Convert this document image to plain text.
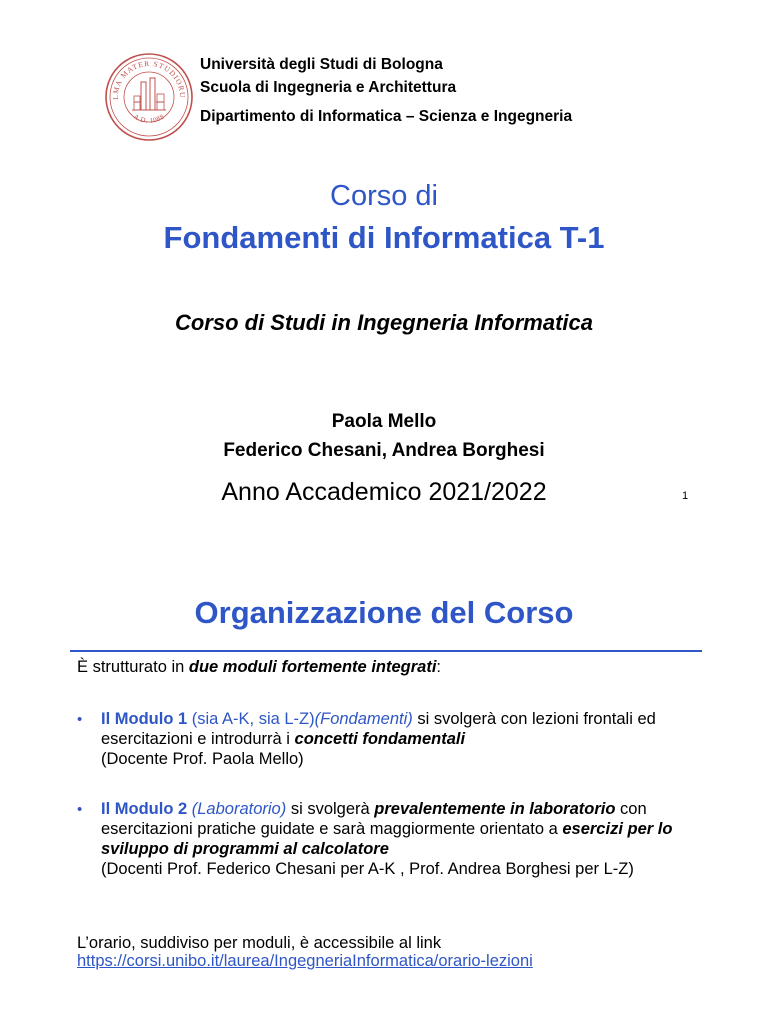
LMA MATER STUDIORU
A.D. 1088
Università degli Studi di Bologna
Scuola di Ingegneria e Architettura
Dipartimento di Informatica – Scienza e Ingegneria
Corso di
Fondamenti di Informatica T-1
Corso di Studi in Ingegneria Informatica
Paola Mello
Federico Chesani, Andrea Borghesi
Anno Accademico 2021/2022	1
Organizzazione del Corso
È strutturato in due moduli fortemente integrati:
• Il Modulo 1 (sia A-K, sia L-Z)(Fondamenti) si svolgerà con lezioni frontali ed esercitazioni e introdurrà i concetti fondamentali
(Docente Prof. Paola Mello)
• Il Modulo 2 (Laboratorio) si svolgerà prevalentemente in laboratorio con esercitazioni pratiche guidate e sarà maggiormente orientato a esercizi per lo sviluppo di programmi al calcolatore
(Docenti Prof. Federico Chesani per A-K , Prof. Andrea Borghesi per L-Z)
L’orario, suddiviso per moduli, è accessibile al link
https://corsi.unibo.it/laurea/IngegneriaInformatica/orario-lezioni
